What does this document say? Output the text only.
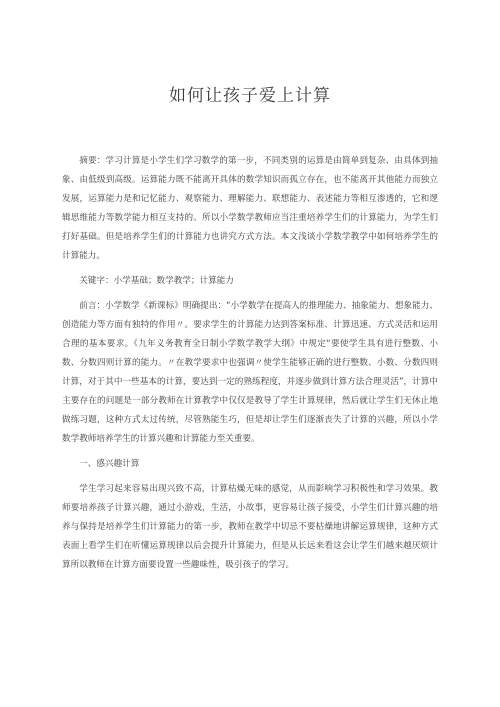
如何让孩子爱上计算

摘要：学习计算是小学生们学习数学的第一步，不同类别的运算是由简单到复杂、由具体到抽象、由低级到高级。运算能力既不能离开具体的数学知识而孤立存在，也不能离开其他能力而独立发展，运算能力是和记忆能力、观察能力、理解能力、联想能力、表述能力等相互渗透的，它和逻辑思维能力等数学能力相互支持的。所以小学数学教师应当注重培养学生们的计算能力，为学生们打好基础。但是培养学生们的计算能力也讲究方式方法。本文浅谈小学数学教学中如何培养学生的计算能力。

关键字：小学基础；数学教学；计算能力

前言：小学数学《新课标》明确提出：“小学数学在提高人的推理能力、抽象能力、想象能力、创造能力等方面有独特的作用〃。要求学生的计算能力达到答案标准、计算迅速、方式灵活和运用合理的基本要求。《九年义务教育全日制小学数学教学大纲》中规定“要使学生具有进行整数、小数、分数四则计算的能力。〃在教学要求中也强调〃使学生能够正确的进行整数、小数、分数四则计算，对于其中一些基本的计算，要达到一定的熟练程度，并逐步做到计算方法合理灵活”，计算中主要存在的问题是一部分教师在计算教学中仅仅是教导了学生计算规律，然后就让学生们无休止地做练习题，这种方式太过传统，尽管熟能生巧，但是却让学生们逐渐丧失了计算的兴趣，所以小学数学教师培养学生的计算兴趣和计算能力至关重要。

一、感兴趣计算

学生学习起来容易出现兴致不高，计算枯燥无味的感觉，从而影响学习积极性和学习效果。教师要培养孩子计算兴趣，通过小游戏，生活，小故事，更容易让孩子接受，小学生们计算兴趣的培养与保持是培养学生们计算能力的第一步，教师在教学中切忌不要枯燥地讲解运算规律，这种方式表面上看学生们在听懂运算规律以后会提升计算能力，但是从长远来看这会让学生们越来越厌烦计算所以教师在计算方面要设置一些趣味性，吸引孩子的学习。
